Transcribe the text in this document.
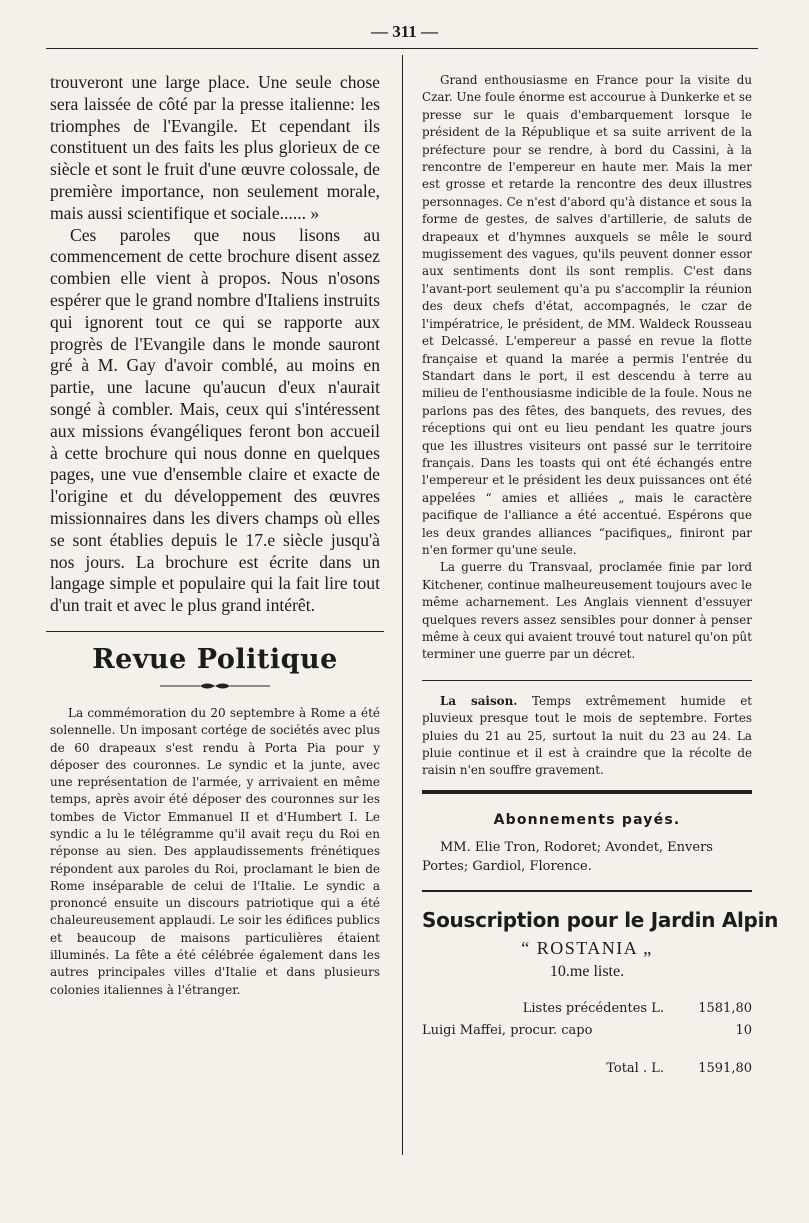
— 311 —

trouveront une large place. Une seule chose sera laissée de côté par la presse italienne: les triomphes de l'Evangile. Et cependant ils constituent un des faits les plus glorieux de ce siècle et sont le fruit d'une œuvre colossale, de première importance, non seulement morale, mais aussi scientifique et sociale...... »

Ces paroles que nous lisons au commencement de cette brochure disent assez combien elle vient à propos. Nous n'osons espérer que le grand nombre d'Italiens instruits qui ignorent tout ce qui se rapporte aux progrès de l'Evangile dans le monde sauront gré à M. Gay d'avoir comblé, au moins en partie, une lacune qu'aucun d'eux n'aurait songé à combler. Mais, ceux qui s'intéressent aux missions évangéliques feront bon accueil à cette brochure qui nous donne en quelques pages, une vue d'ensemble claire et exacte de l'origine et du développement des œuvres missionnaires dans les divers champs où elles se sont établies depuis le 17.e siècle jusqu'à nos jours. La brochure est écrite dans un langage simple et populaire qui la fait lire tout d'un trait et avec le plus grand intérêt.

Revue Politique

La commémoration du 20 septembre à Rome a été solennelle. Un imposant cortége de sociétés avec plus de 60 drapeaux s'est rendu à Porta Pia pour y déposer des couronnes. Le syndic et la junte, avec une représentation de l'armée, y arrivaient en même temps, après avoir été déposer des couronnes sur les tombes de Victor Emmanuel II et d'Humbert I. Le syndic a lu le télégramme qu'il avait reçu du Roi en réponse au sien. Des applaudissements frénétiques répondent aux paroles du Roi, proclamant le bien de Rome inséparable de celui de l'Italie. Le syndic a prononcé ensuite un discours patriotique qui a été chaleureusement applaudi. Le soir les édifices publics et beaucoup de maisons particulières étaient illuminés. La fête a été célébrée également dans les autres principales villes d'Italie et dans plusieurs colonies italiennes à l'étranger.

Grand enthousiasme en France pour la visite du Czar. Une foule énorme est accourue à Dunkerke et se presse sur le quais d'embarquement lorsque le président de la République et sa suite arrivent de la préfecture pour se rendre, à bord du Cassini, à la rencontre de l'empereur en haute mer. Mais la mer est grosse et retarde la rencontre des deux illustres personnages. Ce n'est d'abord qu'à distance et sous la forme de gestes, de salves d'artillerie, de saluts de drapeaux et d'hymnes auxquels se mêle le sourd mugissement des vagues, qu'ils peuvent donner essor aux sentiments dont ils sont remplis. C'est dans l'avant-port seulement qu'a pu s'accomplir la réunion des deux chefs d'état, accompagnés, le czar de l'impératrice, le président, de MM. Waldeck Rousseau et Delcassé. L'empereur a passé en revue la flotte française et quand la marée a permis l'entrée du Standart dans le port, il est descendu à terre au milieu de l'enthousiasme indicible de la foule. Nous ne parlons pas des fêtes, des banquets, des revues, des réceptions qui ont eu lieu pendant les quatre jours que les illustres visiteurs ont passé sur le territoire français. Dans les toasts qui ont été échangés entre l'empereur et le président les deux puissances ont été appelées “ amies et alliées „ mais le caractère pacifique de l'alliance a été accentué. Espérons que les deux grandes alliances “pacifiques„ finiront par n'en former qu'une seule.

La guerre du Transvaal, proclamée finie par lord Kitchener, continue malheureusement toujours avec le même acharnement. Les Anglais viennent d'essuyer quelques revers assez sensibles pour donner à penser même à ceux qui avaient trouvé tout naturel qu'on pût terminer une guerre par un décret.

La saison. Temps extrêmement humide et pluvieux presque tout le mois de septembre. Fortes pluies du 21 au 25, surtout la nuit du 23 au 24. La pluie continue et il est à craindre que la récolte de raisin n'en souffre gravement.

Abonnements payés.

MM. Elie Tron, Rodoret; Avondet, Envers Portes; Gardiol, Florence.

Souscription pour le Jardin Alpin
“ ROSTANIA „
10.me liste.
Listes précédentes L.	1581,80
Luigi Maffei, procur. capo	10
Total . L.	1591,80
